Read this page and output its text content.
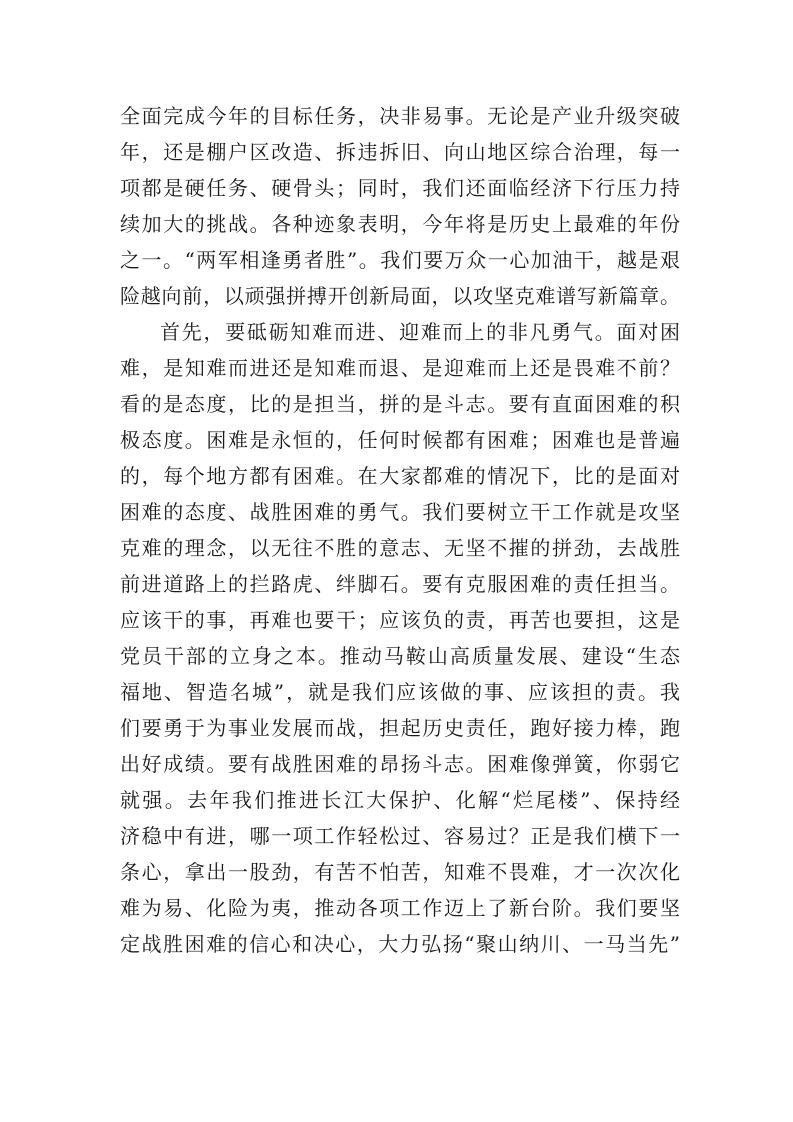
全面完成今年的目标任务，决非易事。无论是产业升级突破
年，还是棚户区改造、拆违拆旧、向山地区综合治理，每一
项都是硬任务、硬骨头；同时，我们还面临经济下行压力持
续加大的挑战。各种迹象表明，今年将是历史上最难的年份
之一。“两军相逢勇者胜”。我们要万众一心加油干，越是艰
险越向前，以顽强拼搏开创新局面，以攻坚克难谱写新篇章。
首先，要砥砺知难而进、迎难而上的非凡勇气。面对困
难，是知难而进还是知难而退、是迎难而上还是畏难不前？
看的是态度，比的是担当，拼的是斗志。要有直面困难的积
极态度。困难是永恒的，任何时候都有困难；困难也是普遍
的，每个地方都有困难。在大家都难的情况下，比的是面对
困难的态度、战胜困难的勇气。我们要树立干工作就是攻坚
克难的理念，以无往不胜的意志、无坚不摧的拼劲，去战胜
前进道路上的拦路虎、绊脚石。要有克服困难的责任担当。
应该干的事，再难也要干；应该负的责，再苦也要担，这是
党员干部的立身之本。推动马鞍山高质量发展、建设“生态
福地、智造名城”，就是我们应该做的事、应该担的责。我
们要勇于为事业发展而战，担起历史责任，跑好接力棒，跑
出好成绩。要有战胜困难的昂扬斗志。困难像弹簧，你弱它
就强。去年我们推进长江大保护、化解“烂尾楼”、保持经
济稳中有进，哪一项工作轻松过、容易过？正是我们横下一
条心，拿出一股劲，有苦不怕苦，知难不畏难，才一次次化
难为易、化险为夷，推动各项工作迈上了新台阶。我们要坚
定战胜困难的信心和决心，大力弘扬“聚山纳川、一马当先”
